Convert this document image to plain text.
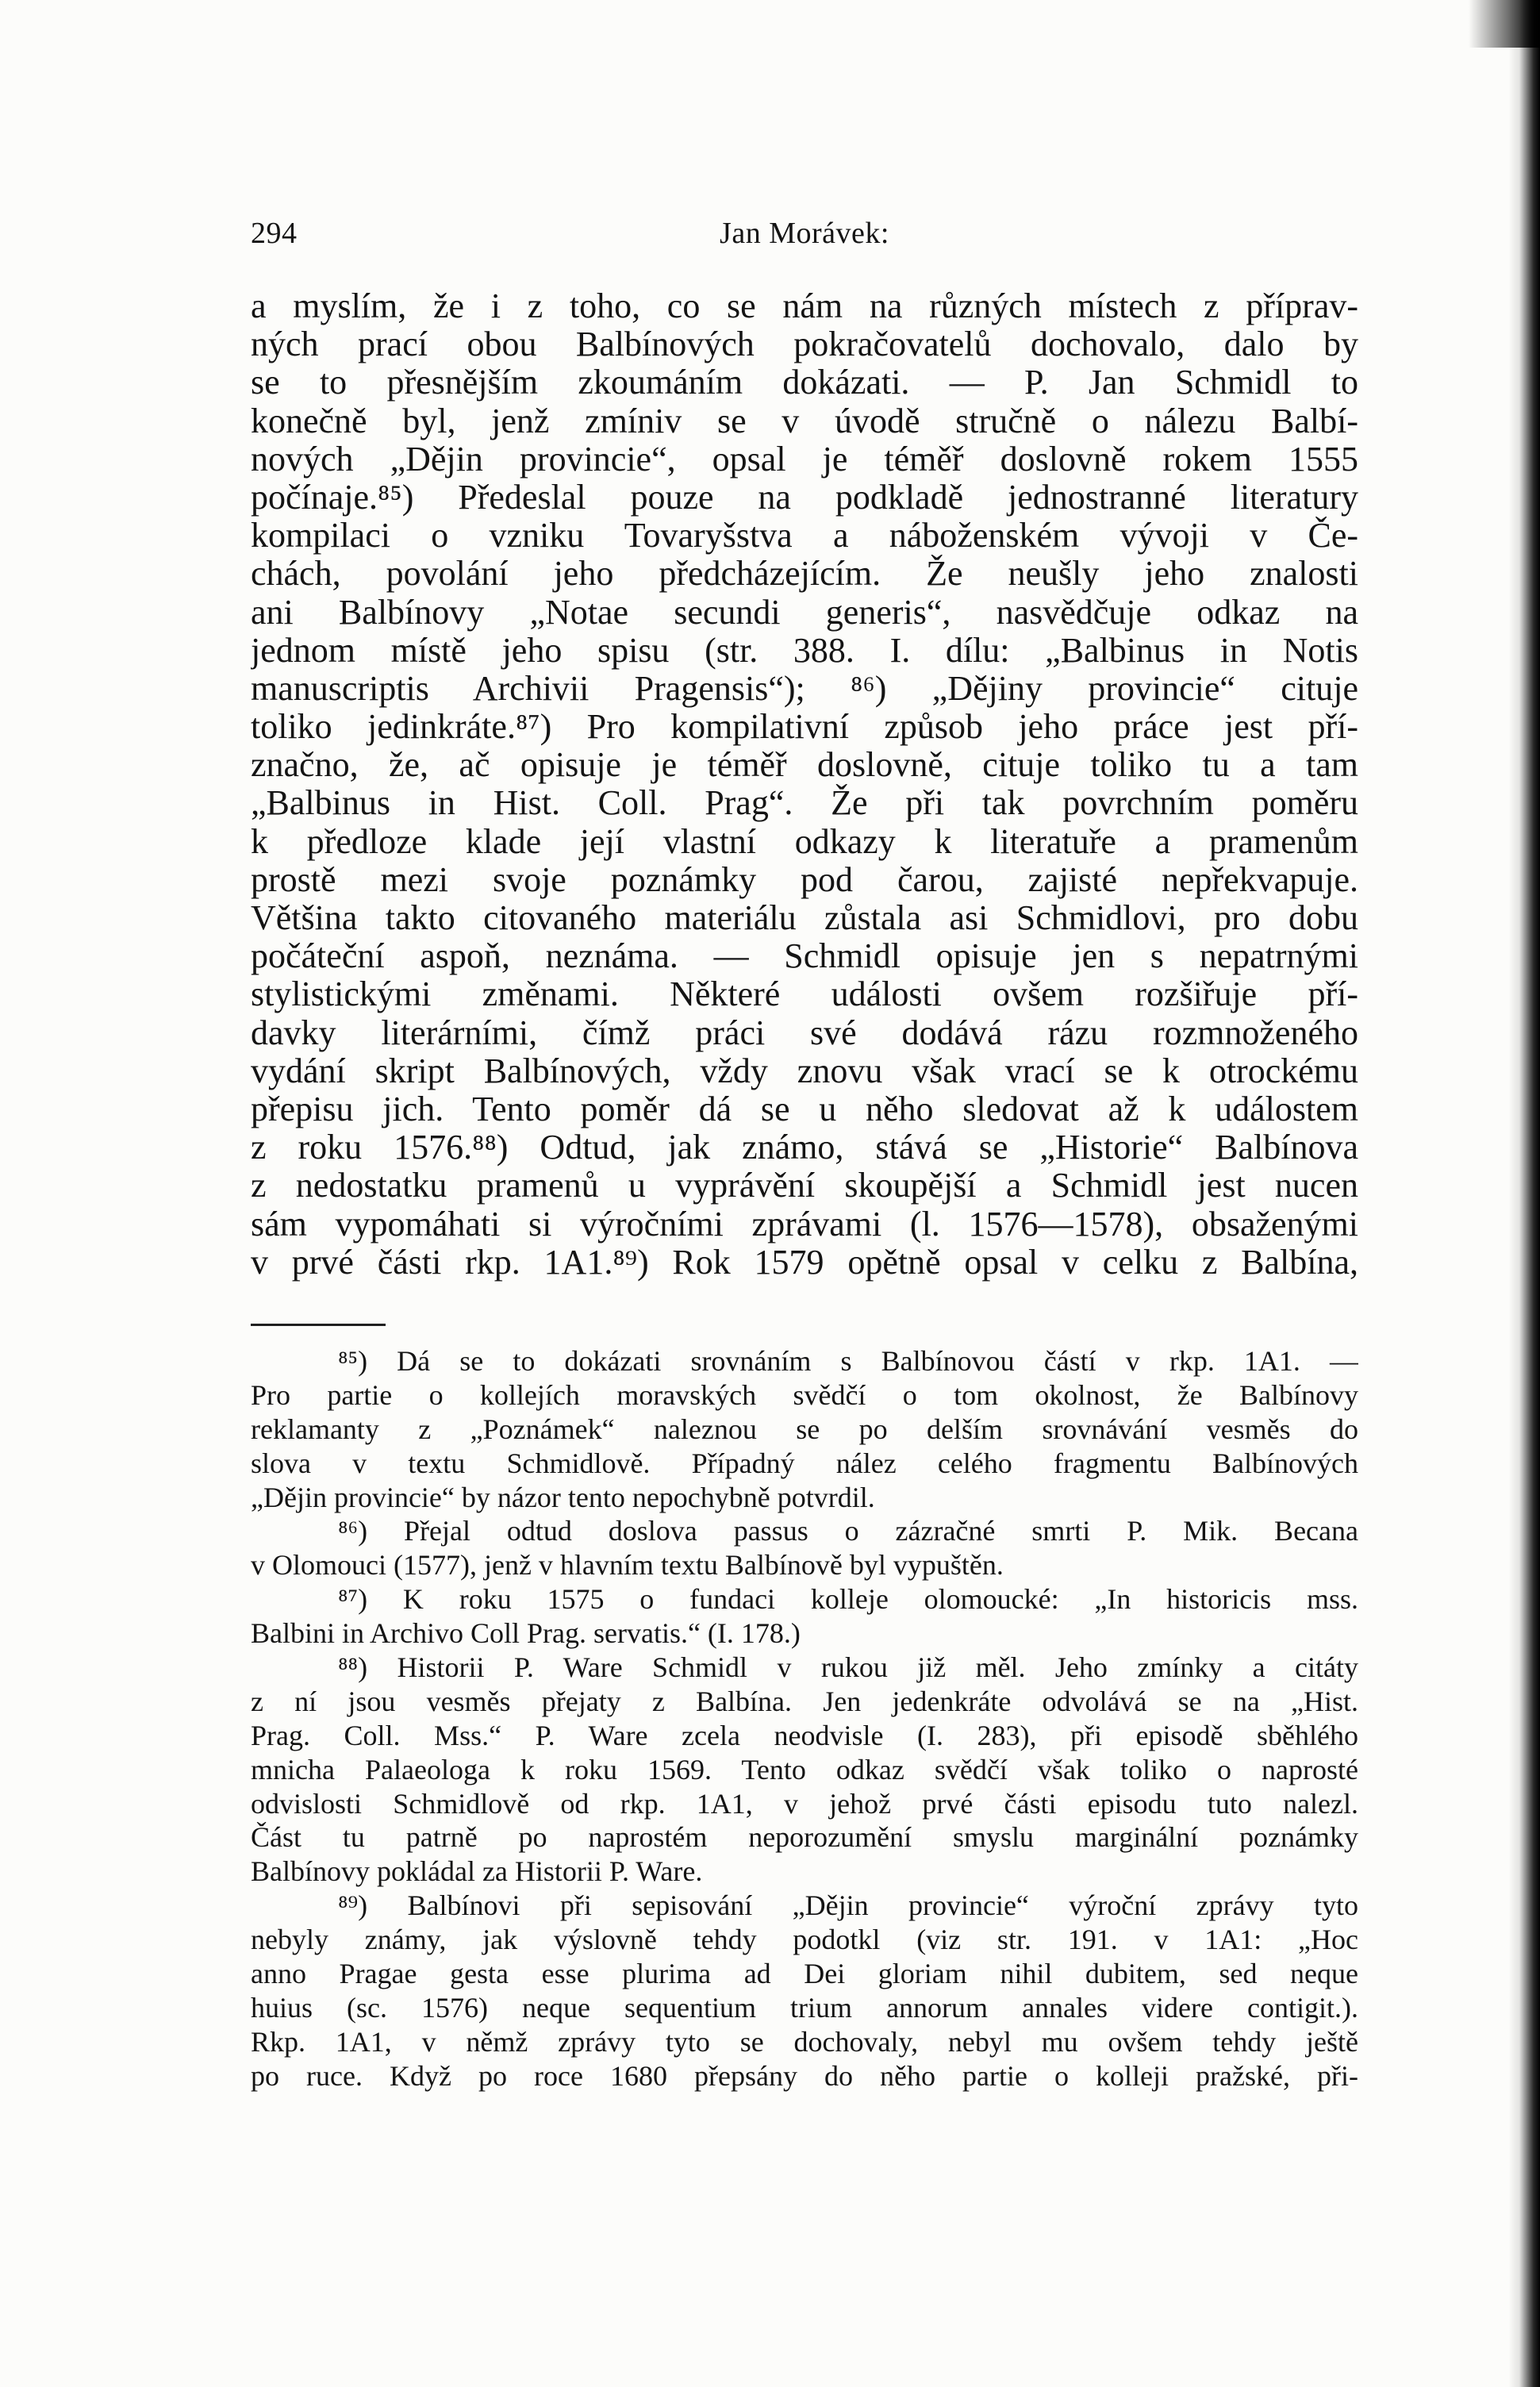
294	Jan Morávek:
a myslím, že i z toho, co se nám na různých místech z příprav-
ných prací obou Balbínových pokračovatelů dochovalo, dalo by
se to přesnějším zkoumáním dokázati. — P. Jan Schmidl to
konečně byl, jenž zmíniv se v úvodě stručně o nálezu Balbí-
nových „Dějin provincie“, opsal je téměř doslovně rokem 1555
počínaje.⁸⁵) Předeslal pouze na podkladě jednostranné literatury
kompilaci o vzniku Tovaryšstva a náboženském vývoji v Če-
chách, povolání jeho předcházejícím. Že neušly jeho znalosti
ani Balbínovy „Notae secundi generis“, nasvědčuje odkaz na
jednom místě jeho spisu (str. 388. I. dílu: „Balbinus in Notis
manuscriptis Archivii Pragensis“); ⁸⁶) „Dějiny provincie“ cituje
toliko jedinkráte.⁸⁷) Pro kompilativní způsob jeho práce jest pří-
značno, že, ač opisuje je téměř doslovně, cituje toliko tu a tam
„Balbinus in Hist. Coll. Prag“. Že při tak povrchním poměru
k předloze klade její vlastní odkazy k literatuře a pramenům
prostě mezi svoje poznámky pod čarou, zajisté nepřekvapuje.
Většina takto citovaného materiálu zůstala asi Schmidlovi, pro dobu
počáteční aspoň, neznáma. — Schmidl opisuje jen s nepatrnými
stylistickými změnami. Některé události ovšem rozšiřuje pří-
davky literárními, čímž práci své dodává rázu rozmnoženého
vydání skript Balbínových, vždy znovu však vrací se k otrockému
přepisu jich. Tento poměr dá se u něho sledovat až k událostem
z roku 1576.⁸⁸) Odtud, jak známo, stává se „Historie“ Balbínova
z nedostatku pramenů u vyprávění skoupější a Schmidl jest nucen
sám vypomáhati si výročními zprávami (l. 1576—1578), obsaženými
v prvé části rkp. 1A1.⁸⁹) Rok 1579 opětně opsal v celku z Balbína,
⁸⁵) Dá se to dokázati srovnáním s Balbínovou částí v rkp. 1A1. —
Pro partie o kollejích moravských svědčí o tom okolnost, že Balbínovy
reklamanty z „Poznámek“ naleznou se po delším srovnávání vesměs do
slova v textu Schmidlově. Případný nález celého fragmentu Balbínových
„Dějin provincie“ by názor tento nepochybně potvrdil.
⁸⁶) Přejal odtud doslova passus o zázračné smrti P. Mik. Becana
v Olomouci (1577), jenž v hlavním textu Balbínově byl vypuštěn.
⁸⁷) K roku 1575 o fundaci kolleje olomoucké: „In historicis mss.
Balbini in Archivo Coll Prag. servatis.“ (I. 178.)
⁸⁸) Historii P. Ware Schmidl v rukou již měl. Jeho zmínky a citáty
z ní jsou vesměs přejaty z Balbína. Jen jedenkráte odvolává se na „Hist.
Prag. Coll. Mss.“ P. Ware zcela neodvisle (I. 283), při episodě sběhlého
mnicha Palaeologa k roku 1569. Tento odkaz svědčí však toliko o naprosté
odvislosti Schmidlově od rkp. 1A1, v jehož prvé části episodu tuto nalezl.
Část tu patrně po naprostém neporozumění smyslu marginální poznámky
Balbínovy pokládal za Historii P. Ware.
⁸⁹) Balbínovi při sepisování „Dějin provincie“ výroční zprávy tyto
nebyly známy, jak výslovně tehdy podotkl (viz str. 191. v 1A1: „Hoc
anno Pragae gesta esse plurima ad Dei gloriam nihil dubitem, sed neque
huius (sc. 1576) neque sequentium trium annorum annales videre contigit.).
Rkp. 1A1, v němž zprávy tyto se dochovaly, nebyl mu ovšem tehdy ještě
po ruce. Když po roce 1680 přepsány do něho partie o kolleji pražské, při-
